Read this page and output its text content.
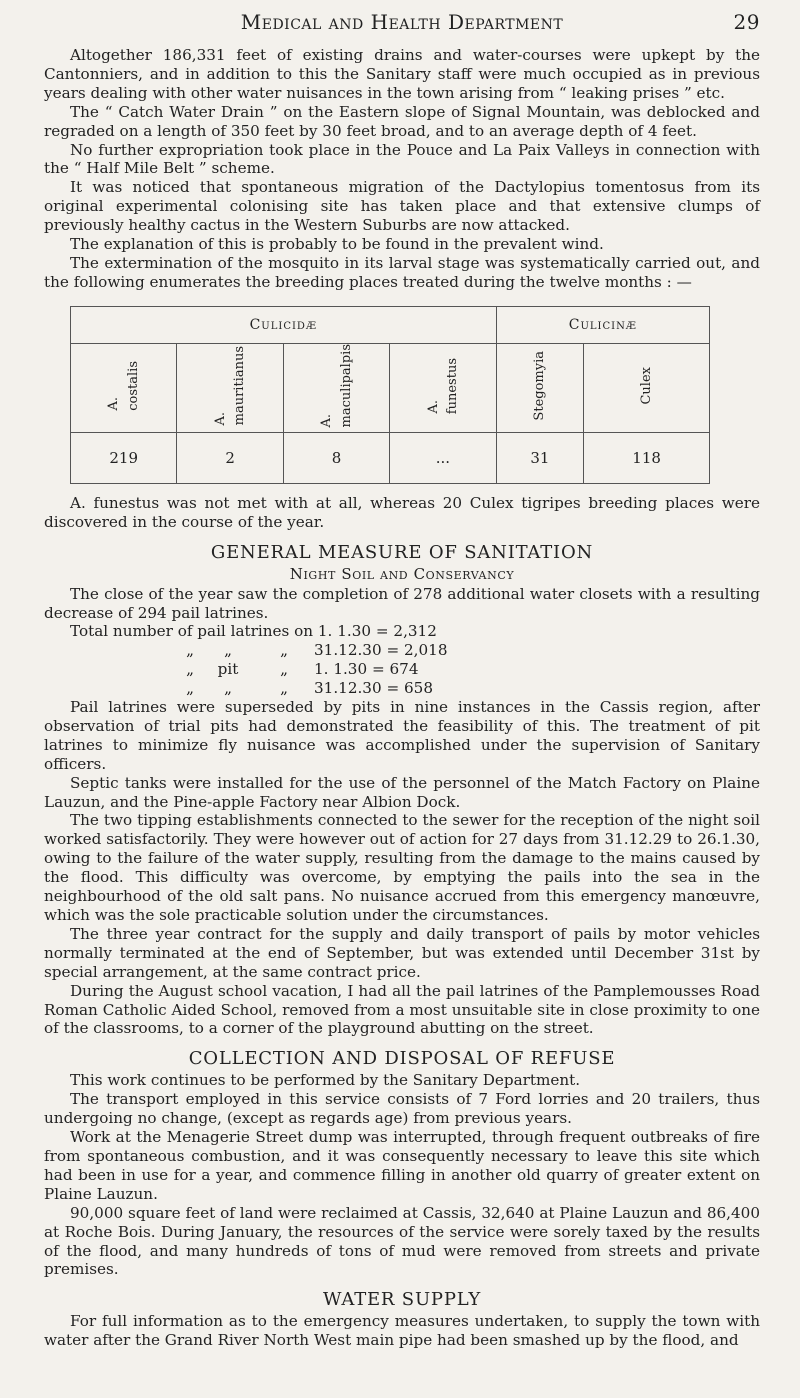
Medical and Health Department	29

Altogether 186,331 feet of existing drains and water-courses were upkept by the Cantonniers, and in addition to this the Sanitary staff were much occupied as in previous years dealing with other water nuisances in the town arising from “ leaking prises ” etc.

The “ Catch Water Drain ” on the Eastern slope of Signal Mountain, was deblocked and regraded on a length of 350 feet by 30 feet broad, and to an average depth of 4 feet.

No further expropriation took place in the Pouce and La Paix Valleys in connection with the “ Half Mile Belt ” scheme.

It was noticed that spontaneous migration of the Dactylopius tomentosus from its original experimental colonising site has taken place and that extensive clumps of previously healthy cactus in the Western Suburbs are now attacked.

The explanation of this is probably to be found in the prevalent wind.

The extermination of the mosquito in its larval stage was systematically carried out, and the following enumerates the breeding places treated during the twelve months : —

Culicidæ				Culicinæ	
A. costalis	A. mauritianus	A. maculipalpis	A. funestus	Stegomyia	Culex
219	2	8	...	31	118

A. funestus was not met with at all, whereas 20 Culex tigripes breeding places were discovered in the course of the year.

GENERAL MEASURE OF SANITATION
Night Soil and Conservancy

The close of the year saw the completion of 278 additional water closets with a resulting decrease of 294 pail latrines.

Total number of pail latrines on 1. 1.30 = 2,312
„	„	„	31.12.30 = 2,018
„	pit	„	1. 1.30 = 674
„	„	„	31.12.30 = 658

Pail latrines were superseded by pits in nine instances in the Cassis region, after observation of trial pits had demonstrated the feasibility of this. The treatment of pit latrines to minimize fly nuisance was accomplished under the supervision of Sanitary officers.

Septic tanks were installed for the use of the personnel of the Match Factory on Plaine Lauzun, and the Pine-apple Factory near Albion Dock.

The two tipping establishments connected to the sewer for the reception of the night soil worked satisfactorily. They were however out of action for 27 days from 31.12.29 to 26.1.30, owing to the failure of the water supply, resulting from the damage to the mains caused by the flood. This difficulty was overcome, by emptying the pails into the sea in the neighbourhood of the old salt pans. No nuisance accrued from this emergency manœuvre, which was the sole practicable solution under the circumstances.

The three year contract for the supply and daily transport of pails by motor vehicles normally terminated at the end of September, but was extended until December 31st by special arrangement, at the same contract price.

During the August school vacation, I had all the pail latrines of the Pamplemousses Road Roman Catholic Aided School, removed from a most unsuitable site in close proximity to one of the classrooms, to a corner of the playground abutting on the street.

COLLECTION AND DISPOSAL OF REFUSE

This work continues to be performed by the Sanitary Department.

The transport employed in this service consists of 7 Ford lorries and 20 trailers, thus undergoing no change, (except as regards age) from previous years.

Work at the Menagerie Street dump was interrupted, through frequent outbreaks of fire from spontaneous combustion, and it was consequently necessary to leave this site which had been in use for a year, and commence filling in another old quarry of greater extent on Plaine Lauzun.

90,000 square feet of land were reclaimed at Cassis, 32,640 at Plaine Lauzun and 86,400 at Roche Bois. During January, the resources of the service were sorely taxed by the results of the flood, and many hundreds of tons of mud were removed from streets and private premises.

WATER SUPPLY

For full information as to the emergency measures undertaken, to supply the town with water after the Grand River North West main pipe had been smashed up by the flood, and
